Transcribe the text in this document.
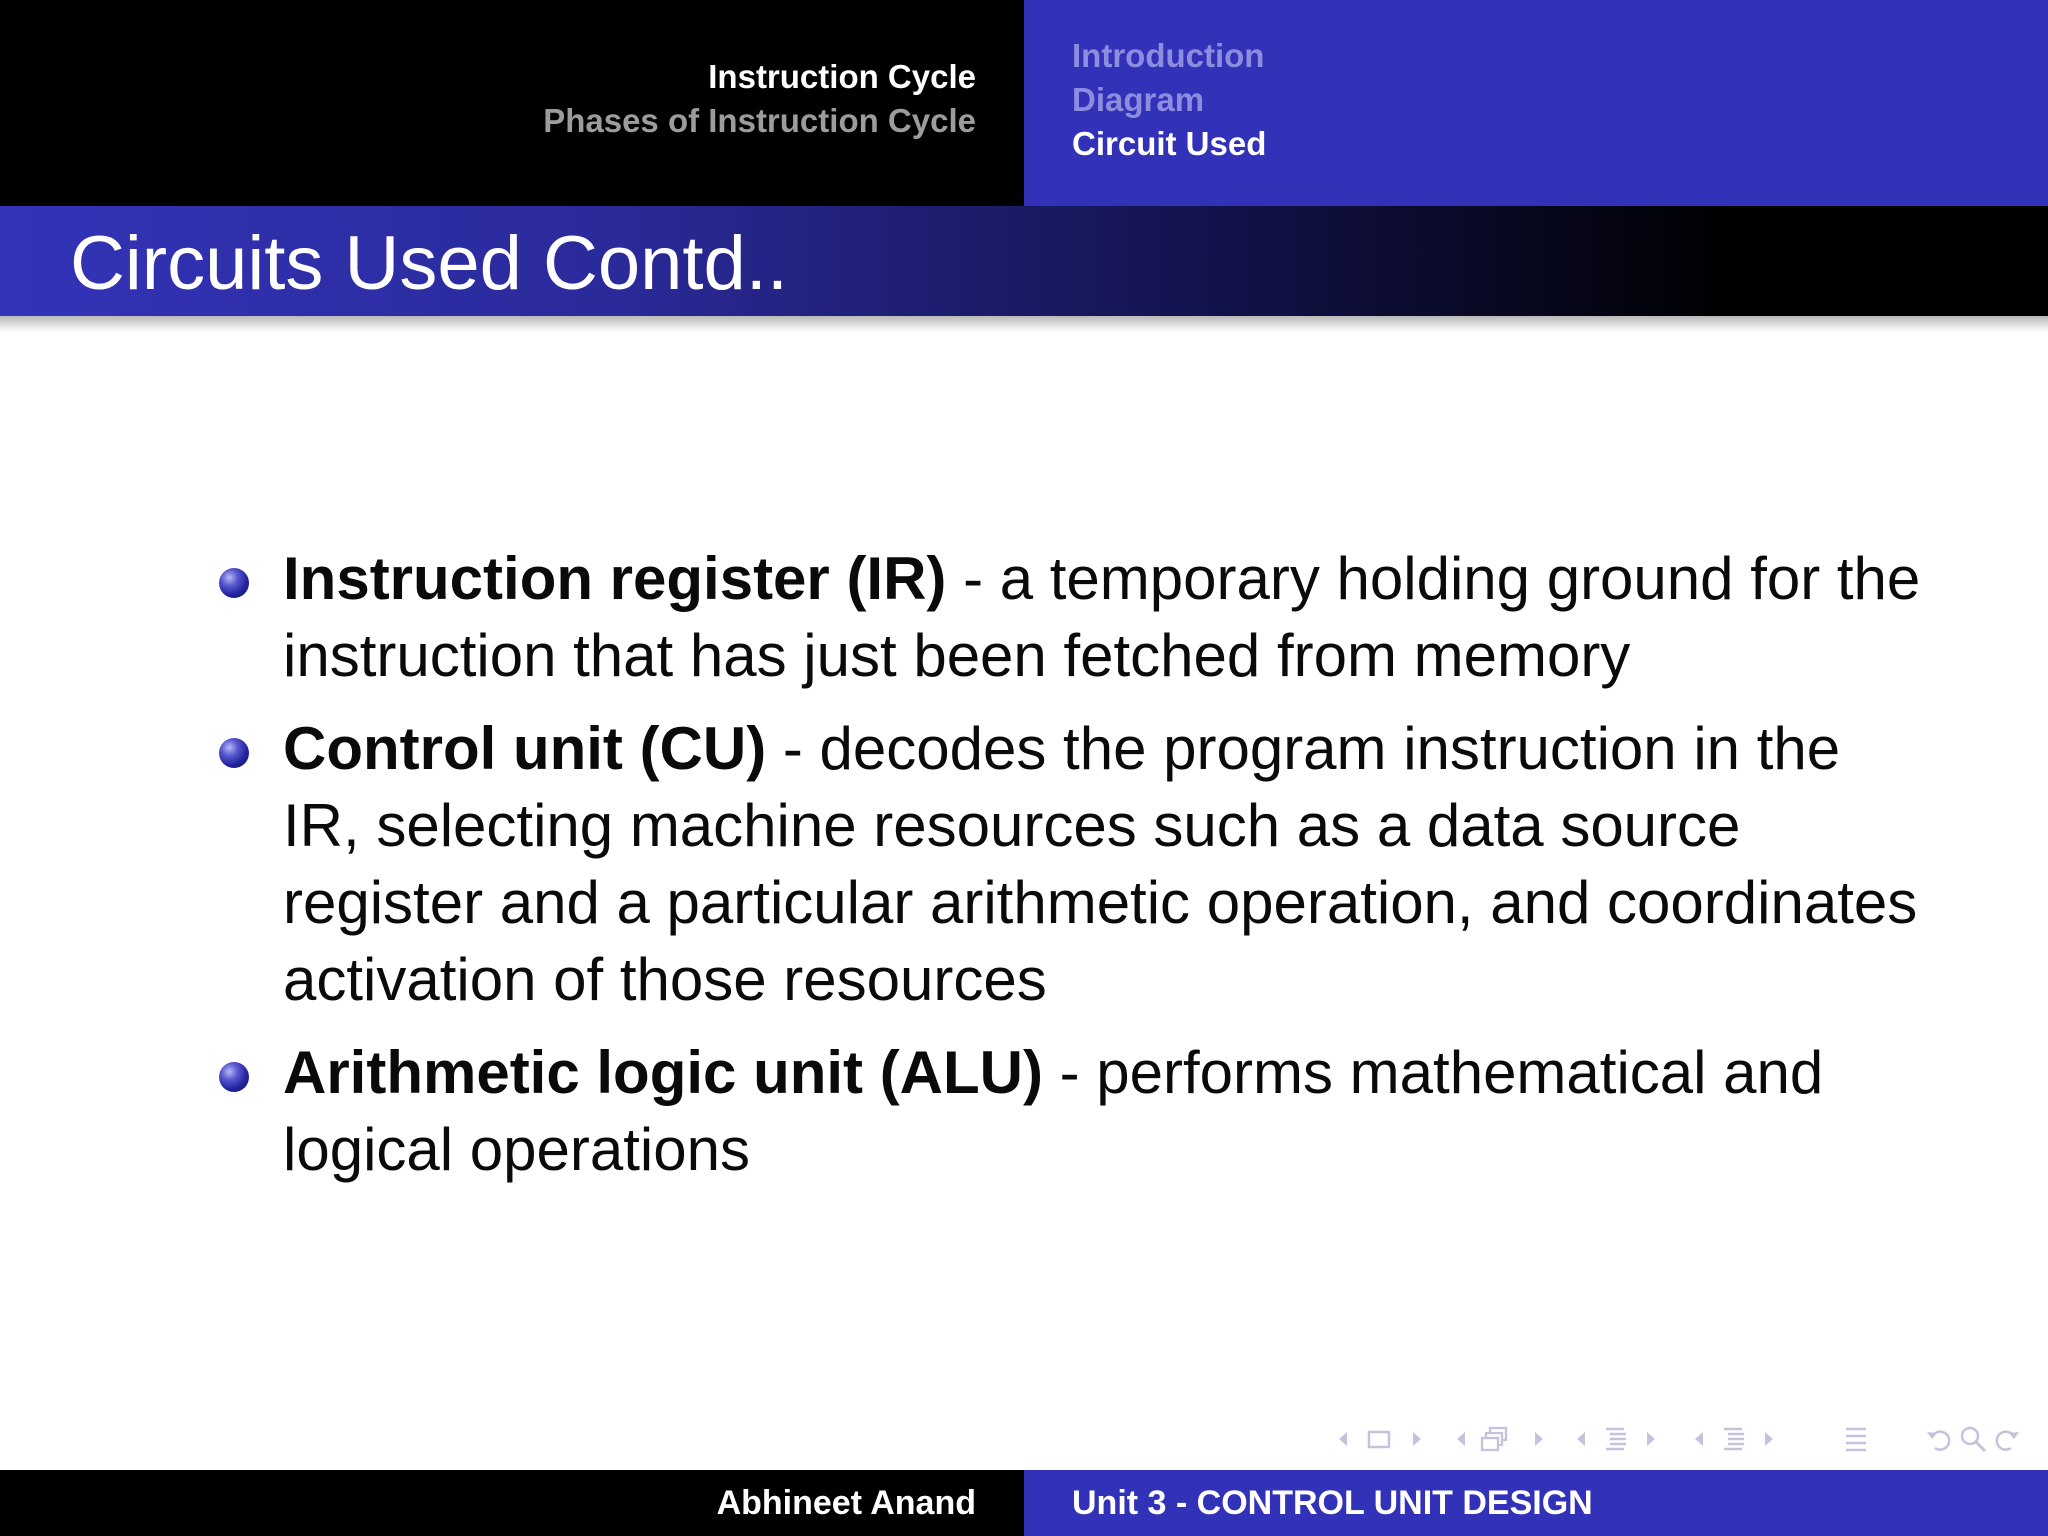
Instruction Cycle
Phases of Instruction Cycle
Introduction
Diagram
Circuit Used
Circuits Used Contd..
Instruction register (IR) - a temporary holding ground for the instruction that has just been fetched from memory
Control unit (CU) - decodes the program instruction in the IR, selecting machine resources such as a data source register and a particular arithmetic operation, and coordinates activation of those resources
Arithmetic logic unit (ALU) - performs mathematical and logical operations
Abhineet Anand	Unit 3 - CONTROL UNIT DESIGN
